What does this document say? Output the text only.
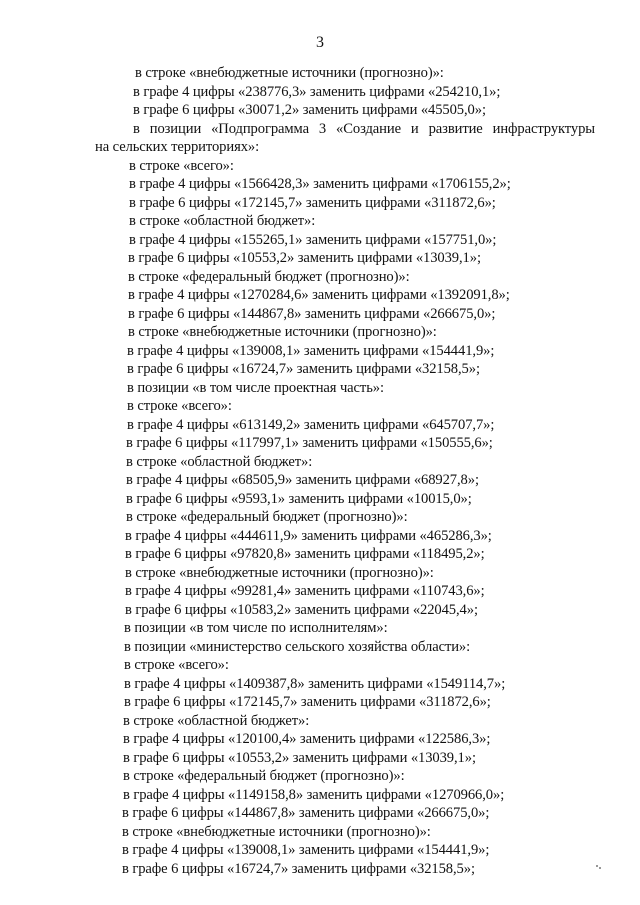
3
в строке «внебюджетные источники (прогнозно)»:
в графе 4 цифры «238776,3» заменить цифрами «254210,1»;
в графе 6 цифры «30071,2» заменить цифрами «45505,0»;
в позиции «Подпрограмма 3 «Создание и развитие инфраструктуры
на сельских территориях»:
в строке «всего»:
в графе 4 цифры «1566428,3» заменить цифрами «1706155,2»;
в графе 6 цифры «172145,7» заменить цифрами «311872,6»;
в строке «областной бюджет»:
в графе 4 цифры «155265,1» заменить цифрами «157751,0»;
в графе 6 цифры «10553,2» заменить цифрами «13039,1»;
в строке «федеральный бюджет (прогнозно)»:
в графе 4 цифры «1270284,6» заменить цифрами «1392091,8»;
в графе 6 цифры «144867,8» заменить цифрами «266675,0»;
в строке «внебюджетные источники (прогнозно)»:
в графе 4 цифры «139008,1» заменить цифрами «154441,9»;
в графе 6 цифры «16724,7» заменить цифрами «32158,5»;
в позиции «в том числе проектная часть»:
в строке «всего»:
в графе 4 цифры «613149,2» заменить цифрами «645707,7»;
в графе 6 цифры «117997,1» заменить цифрами «150555,6»;
в строке «областной бюджет»:
в графе 4 цифры «68505,9» заменить цифрами «68927,8»;
в графе 6 цифры «9593,1» заменить цифрами «10015,0»;
в строке «федеральный бюджет (прогнозно)»:
в графе 4 цифры «444611,9» заменить цифрами «465286,3»;
в графе 6 цифры «97820,8» заменить цифрами «118495,2»;
в строке «внебюджетные источники (прогнозно)»:
в графе 4 цифры «99281,4» заменить цифрами «110743,6»;
в графе 6 цифры «10583,2» заменить цифрами «22045,4»;
в позиции «в том числе по исполнителям»:
в позиции «министерство сельского хозяйства области»:
в строке «всего»:
в графе 4 цифры «1409387,8» заменить цифрами «1549114,7»;
в графе 6 цифры «172145,7» заменить цифрами «311872,6»;
в строке «областной бюджет»:
в графе 4 цифры «120100,4» заменить цифрами «122586,3»;
в графе 6 цифры «10553,2» заменить цифрами «13039,1»;
в строке «федеральный бюджет (прогнозно)»:
в графе 4 цифры «1149158,8» заменить цифрами «1270966,0»;
в графе 6 цифры «144867,8» заменить цифрами «266675,0»;
в строке «внебюджетные источники (прогнозно)»:
в графе 4 цифры «139008,1» заменить цифрами «154441,9»;
в графе 6 цифры «16724,7» заменить цифрами «32158,5»;
